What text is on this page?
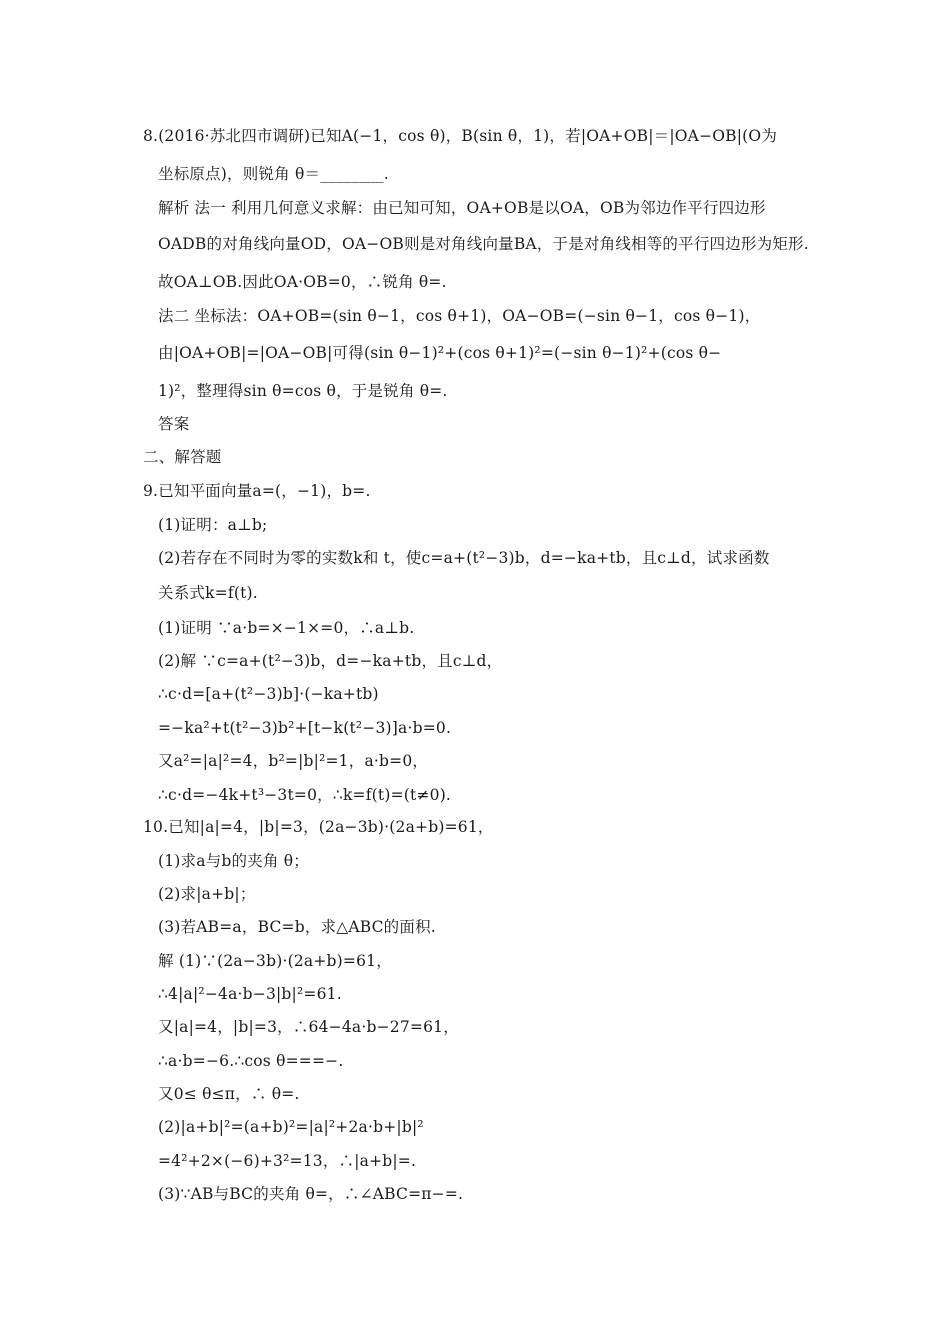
8.(2016·苏北四市调研)已知A(−1，cos θ)，B(sin θ，1)，若|OA+OB|＝|OA−OB|(O为
坐标原点)，则锐角 θ＝________.
解析 法一 利用几何意义求解：由已知可知，OA+OB是以OA，OB为邻边作平行四边形
OADB的对角线向量OD，OA−OB则是对角线向量BA，于是对角线相等的平行四边形为矩形.
故OA⊥OB.因此OA·OB=0，∴锐角 θ=.
法二 坐标法：OA+OB=(sin θ−1，cos θ+1)，OA−OB=(−sin θ−1，cos θ−1)，
由|OA+OB|=|OA−OB|可得(sin θ−1)²+(cos θ+1)²=(−sin θ−1)²+(cos θ−
1)²，整理得sin θ=cos θ，于是锐角 θ=.
答案
二、解答题
9.已知平面向量a=(，−1)，b=.
(1)证明：a⊥b;
(2)若存在不同时为零的实数k和 t，使c=a+(t²−3)b，d=−ka+tb，且c⊥d，试求函数
关系式k=f(t).
(1)证明 ∵a·b=×−1×=0，∴a⊥b.
(2)解 ∵c=a+(t²−3)b，d=−ka+tb，且c⊥d，
∴c·d=[a+(t²−3)b]·(−ka+tb)
=−ka²+t(t²−3)b²+[t−k(t²−3)]a·b=0.
又a²=|a|²=4，b²=|b|²=1，a·b=0，
∴c·d=−4k+t³−3t=0，∴k=f(t)=(t≠0).
10.已知|a|=4，|b|=3，(2a−3b)·(2a+b)=61，
(1)求a与b的夹角 θ；
(2)求|a+b|；
(3)若AB=a，BC=b，求△ABC的面积.
解 (1)∵(2a−3b)·(2a+b)=61，
∴4|a|²−4a·b−3|b|²=61.
又|a|=4，|b|=3，∴64−4a·b−27=61，
∴a·b=−6.∴cos θ===−.
又0≤ θ≤π，∴ θ=.
(2)|a+b|²=(a+b)²=|a|²+2a·b+|b|²
=4²+2×(−6)+3²=13，∴|a+b|=.
(3)∵AB与BC的夹角 θ=，∴∠ABC=π−=.
